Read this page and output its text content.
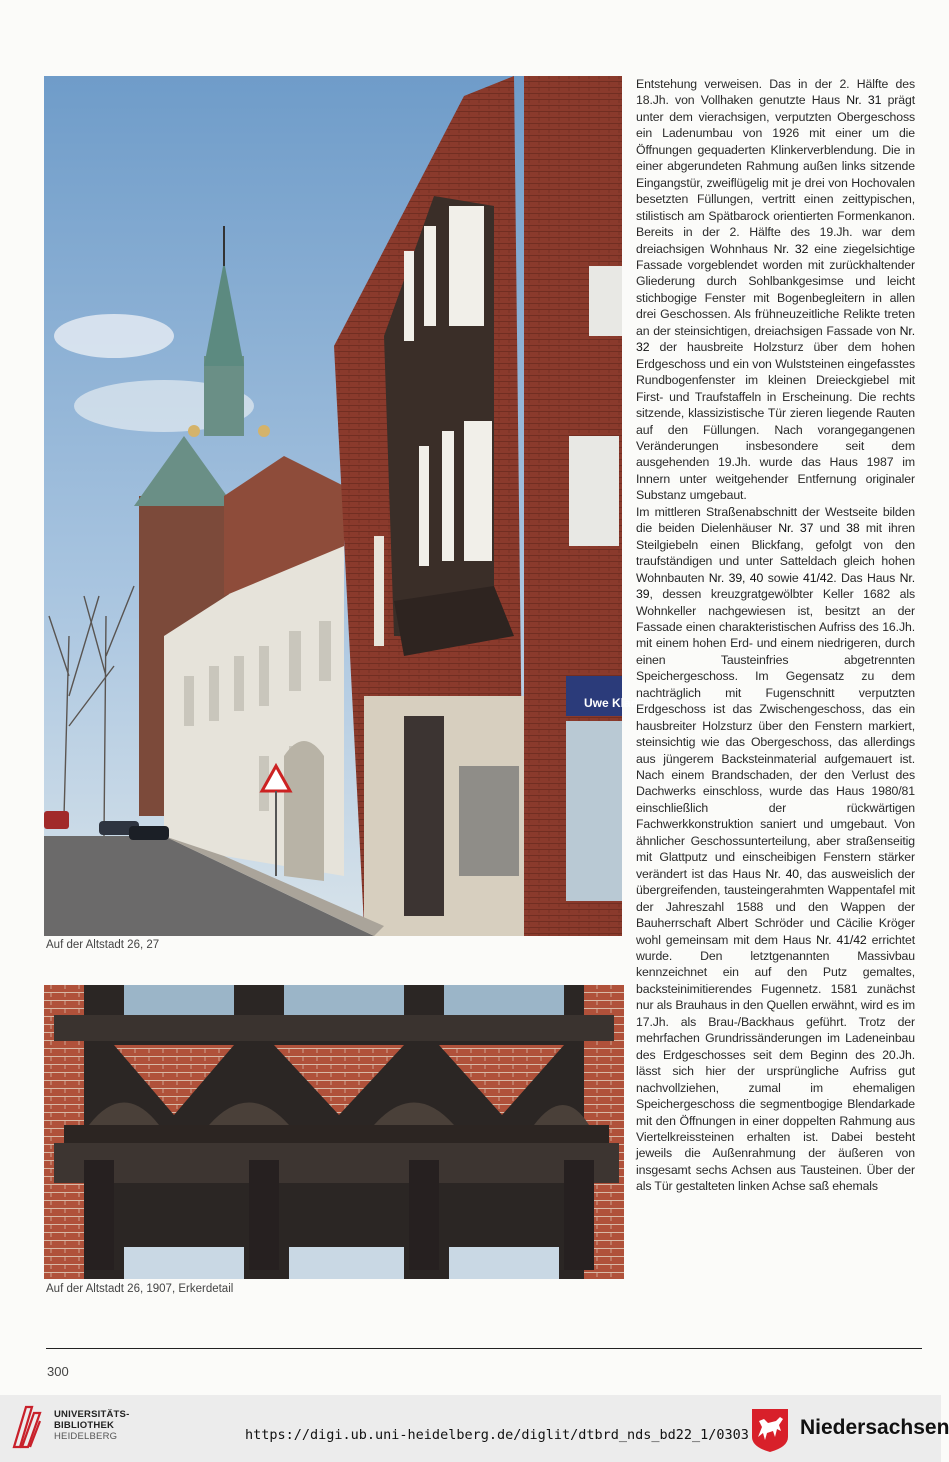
Uwe Kladi
Auf der Altstadt 26, 27
Auf der Altstadt 26, 1907, Erkerdetail

Entstehung verweisen. Das in der 2. Hälfte des 18.Jh. von Vollhaken genutzte Haus Nr. 31 prägt unter dem vierachsigen, verputzten Obergeschoss ein Ladenumbau von 1926 mit einer um die Öffnungen gequaderten Klinkerverblendung. Die in einer abgerundeten Rahmung außen links sitzende Eingangstür, zweiflügelig mit je drei von Hochovalen besetzten Füllungen, vertritt einen zeittypischen, stilistisch am Spätbarock orientierten Formenkanon. Bereits in der 2. Hälfte des 19.Jh. war dem dreiachsigen Wohnhaus Nr. 32 eine ziegelsichtige Fassade vorgeblendet worden mit zurückhaltender Gliederung durch Sohlbankgesimse und leicht stichbogige Fenster mit Bogenbegleitern in allen drei Geschossen. Als frühneuzeitliche Relikte treten an der steinsichtigen, dreiachsigen Fassade von Nr. 32 der hausbreite Holzsturz über dem hohen Erdgeschoss und ein von Wulststeinen eingefasstes Rundbogenfenster im kleinen Dreieckgiebel mit First- und Traufstaffeln in Erscheinung. Die rechts sitzende, klassizistische Tür zieren liegende Rauten auf den Füllungen. Nach vorangegangenen Veränderungen insbesondere seit dem ausgehenden 19.Jh. wurde das Haus 1987 im Innern unter weitgehender Entfernung originaler Substanz umgebaut.

Im mittleren Straßenabschnitt der Westseite bilden die beiden Dielenhäuser Nr. 37 und 38 mit ihren Steilgiebeln einen Blickfang, gefolgt von den traufständigen und unter Satteldach gleich hohen Wohnbauten Nr. 39, 40 sowie 41/42. Das Haus Nr. 39, dessen kreuzgratgewölbter Keller 1682 als Wohnkeller nachgewiesen ist, besitzt an der Fassade einen charakteristischen Aufriss des 16.Jh. mit einem hohen Erd- und einem niedrigeren, durch einen Tausteinfries abgetrennten Speichergeschoss. Im Gegensatz zu dem nachträglich mit Fugenschnitt verputzten Erdgeschoss ist das Zwischengeschoss, das ein hausbreiter Holzsturz über den Fenstern markiert, steinsichtig wie das Obergeschoss, das allerdings aus jüngerem Backsteinmaterial aufgemauert ist. Nach einem Brandschaden, der den Verlust des Dachwerks einschloss, wurde das Haus 1980/81 einschließlich der rückwärtigen Fachwerkkonstruktion saniert und umgebaut. Von ähnlicher Geschossunterteilung, aber straßenseitig mit Glattputz und einscheibigen Fenstern stärker verändert ist das Haus Nr. 40, das ausweislich der übergreifenden, tausteingerahmten Wappentafel mit der Jahreszahl 1588 und den Wappen der Bauherrschaft Albert Schröder und Cäcilie Kröger wohl gemeinsam mit dem Haus Nr. 41/42 errichtet wurde. Den letztgenannten Massivbau kennzeichnet ein auf den Putz gemaltes, backsteinimitierendes Fugennetz. 1581 zunächst nur als Brauhaus in den Quellen erwähnt, wird es im 17.Jh. als Brau-/Backhaus geführt. Trotz der mehrfachen Grundrissänderungen im Ladeneinbau des Erdgeschosses seit dem Beginn des 20.Jh. lässt sich hier der ursprüngliche Aufriss gut nachvollziehen, zumal im ehemaligen Speichergeschoss die segmentbogige Blendarkade mit den Öffnungen in einer doppelten Rahmung aus Viertelkreissteinen erhalten ist. Dabei besteht jeweils die Außenrahmung der äußeren von insgesamt sechs Achsen aus Tausteinen. Über der als Tür gestalteten linken Achse saß ehemals

300
UNIVERSITÄTS-
BIBLIOTHEK
HEIDELBERG	https://digi.ub.uni-heidelberg.de/diglit/dtbrd_nds_bd22_1/0303 Niedersachsen
